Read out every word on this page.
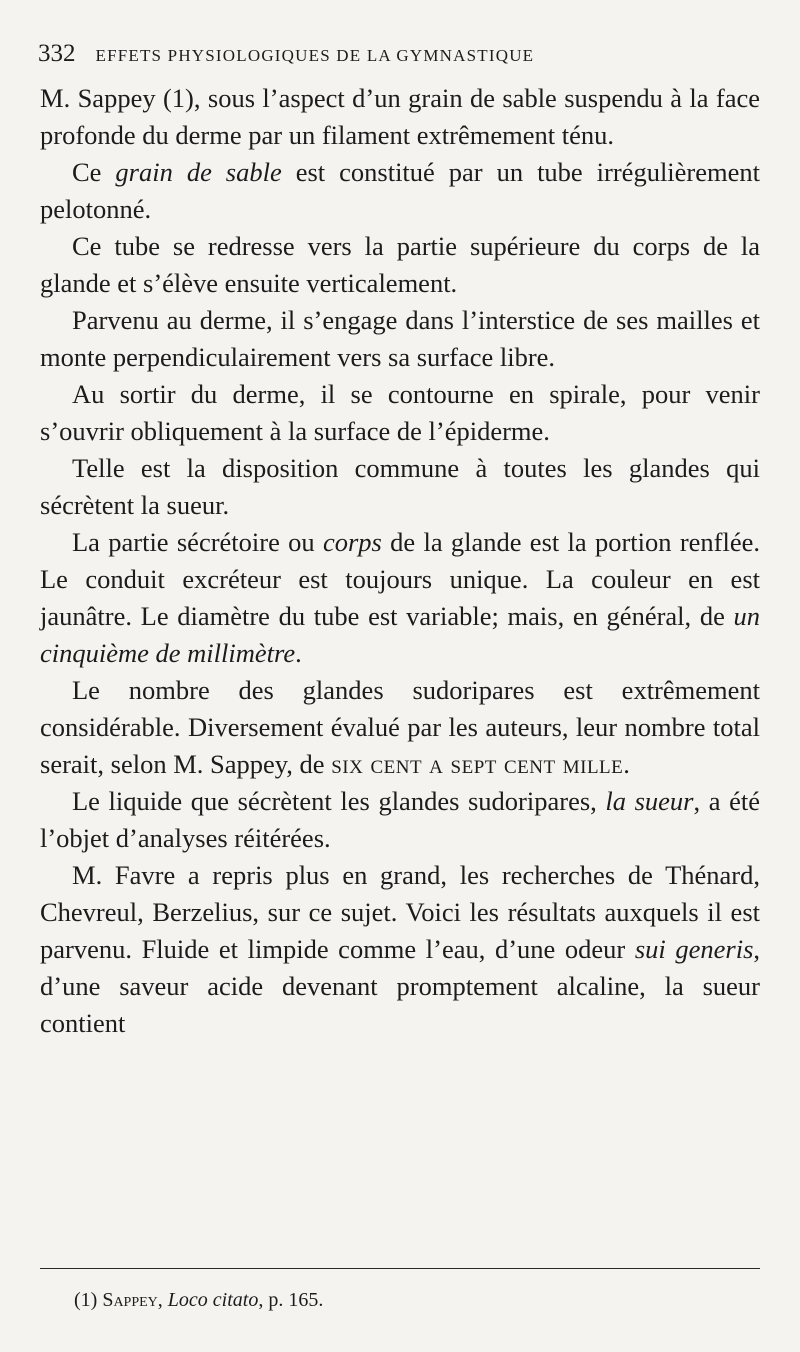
332 EFFETS PHYSIOLOGIQUES DE LA GYMNASTIQUE

M. Sappey (1), sous l’aspect d’un grain de sable suspendu à la face profonde du derme par un filament extrêmement ténu.

Ce grain de sable est constitué par un tube irrégulièrement pelotonné.

Ce tube se redresse vers la partie supérieure du corps de la glande et s’élève ensuite verticalement.

Parvenu au derme, il s’engage dans l’interstice de ses mailles et monte perpendiculairement vers sa surface libre.

Au sortir du derme, il se contourne en spirale, pour venir s’ouvrir obliquement à la surface de l’épiderme.

Telle est la disposition commune à toutes les glandes qui sécrètent la sueur.

La partie sécrétoire ou corps de la glande est la portion renflée. Le conduit excréteur est toujours unique. La couleur en est jaunâtre. Le diamètre du tube est variable; mais, en général, de un cinquième de millimètre.

Le nombre des glandes sudoripares est extrêmement considérable. Diversement évalué par les auteurs, leur nombre total serait, selon M. Sappey, de six cent a sept cent mille.

Le liquide que sécrètent les glandes sudoripares, la sueur, a été l’objet d’analyses réitérées.

M. Favre a repris plus en grand, les recherches de Thénard, Chevreul, Berzelius, sur ce sujet. Voici les résultats auxquels il est parvenu. Fluide et limpide comme l’eau, d’une odeur sui generis, d’une saveur acide devenant promptement alcaline, la sueur contient

(1) Sappey, Loco citato, p. 165.
